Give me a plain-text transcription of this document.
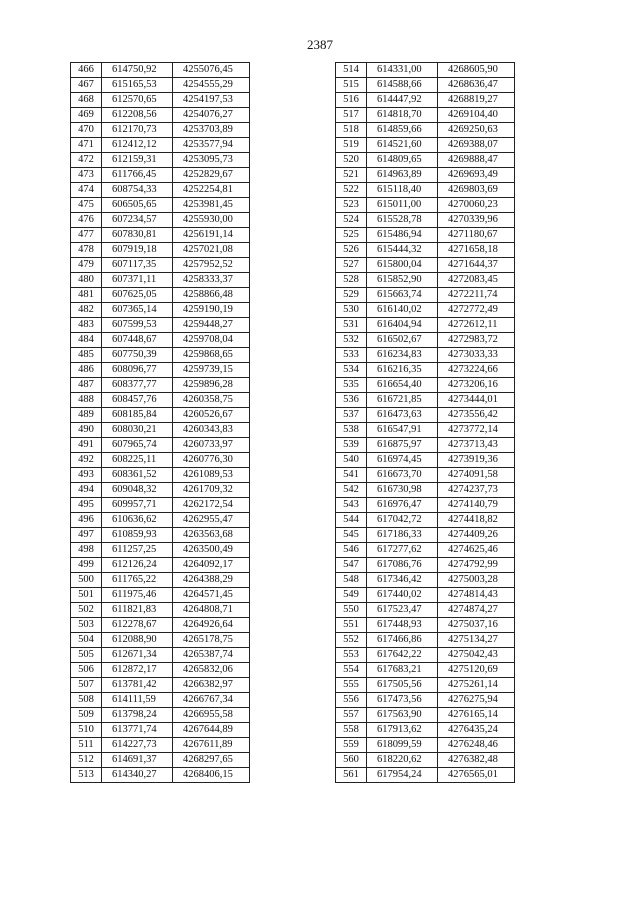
2387
466	614750,92	4255076,45
467	615165,53	4254555,29
468	612570,65	4254197,53
469	612208,56	4254076,27
470	612170,73	4253703,89
471	612412,12	4253577,94
472	612159,31	4253095,73
473	611766,45	4252829,67
474	608754,33	4252254,81
475	606505,65	4253981,45
476	607234,57	4255930,00
477	607830,81	4256191,14
478	607919,18	4257021,08
479	607117,35	4257952,52
480	607371,11	4258333,37
481	607625,05	4258866,48
482	607365,14	4259190,19
483	607599,53	4259448,27
484	607448,67	4259708,04
485	607750,39	4259868,65
486	608096,77	4259739,15
487	608377,77	4259896,28
488	608457,76	4260358,75
489	608185,84	4260526,67
490	608030,21	4260343,83
491	607965,74	4260733,97
492	608225,11	4260776,30
493	608361,52	4261089,53
494	609048,32	4261709,32
495	609957,71	4262172,54
496	610636,62	4262955,47
497	610859,93	4263563,68
498	611257,25	4263500,49
499	612126,24	4264092,17
500	611765,22	4264388,29
501	611975,46	4264571,45
502	611821,83	4264808,71
503	612278,67	4264926,64
504	612088,90	4265178,75
505	612671,34	4265387,74
506	612872,17	4265832,06
507	613781,42	4266382,97
508	614111,59	4266767,34
509	613798,24	4266955,58
510	613771,74	4267644,89
511	614227,73	4267611,89
512	614691,37	4268297,65
513	614340,27	4268406,15
514	614331,00	4268605,90
515	614588,66	4268636,47
516	614447,92	4268819,27
517	614818,70	4269104,40
518	614859,66	4269250,63
519	614521,60	4269388,07
520	614809,65	4269888,47
521	614963,89	4269693,49
522	615118,40	4269803,69
523	615011,00	4270060,23
524	615528,78	4270339,96
525	615486,94	4271180,67
526	615444,32	4271658,18
527	615800,04	4271644,37
528	615852,90	4272083,45
529	615663,74	4272211,74
530	616140,02	4272772,49
531	616404,94	4272612,11
532	616502,67	4272983,72
533	616234,83	4273033,33
534	616216,35	4273224,66
535	616654,40	4273206,16
536	616721,85	4273444,01
537	616473,63	4273556,42
538	616547,91	4273772,14
539	616875,97	4273713,43
540	616974,45	4273919,36
541	616673,70	4274091,58
542	616730,98	4274237,73
543	616976,47	4274140,79
544	617042,72	4274418,82
545	617186,33	4274409,26
546	617277,62	4274625,46
547	617086,76	4274792,99
548	617346,42	4275003,28
549	617440,02	4274814,43
550	617523,47	4274874,27
551	617448,93	4275037,16
552	617466,86	4275134,27
553	617642,22	4275042,43
554	617683,21	4275120,69
555	617505,56	4275261,14
556	617473,56	4276275,94
557	617563,90	4276165,14
558	617913,62	4276435,24
559	618099,59	4276248,46
560	618220,62	4276382,48
561	617954,24	4276565,01
